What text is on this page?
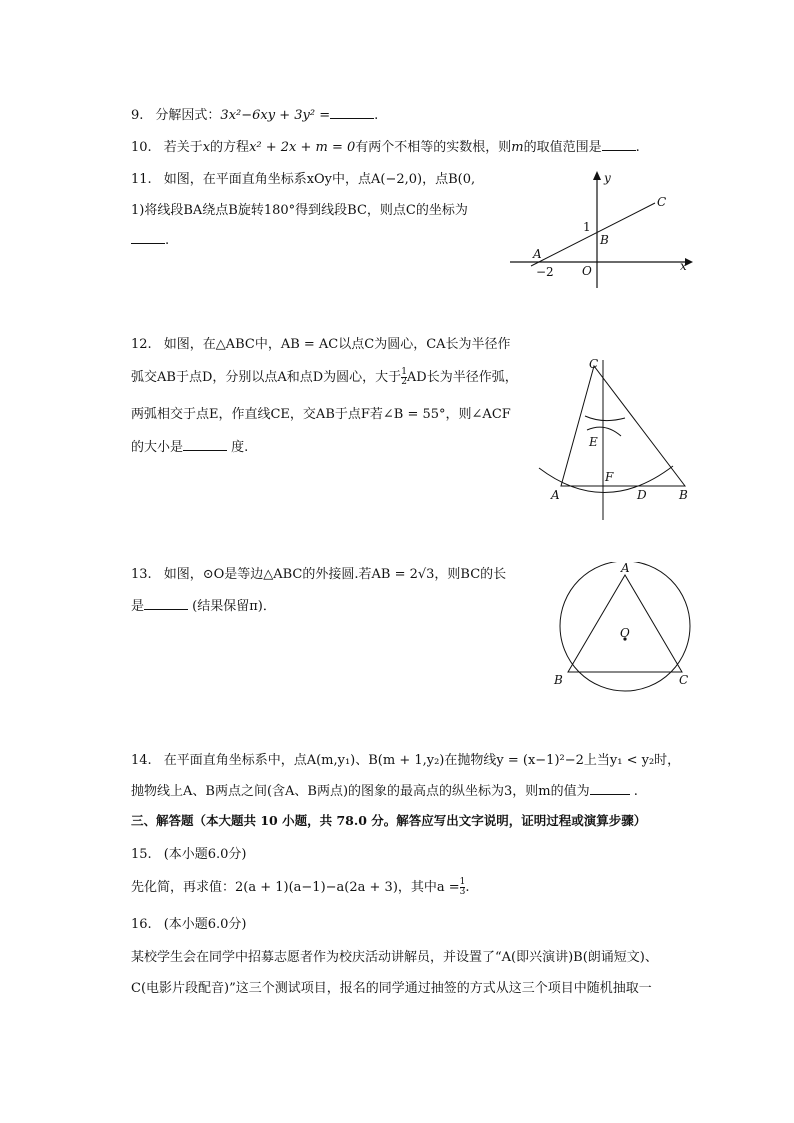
9. 分解因式：3x²−6xy + 3y² =	.
10. 若关于x的方程x² + 2x + m = 0有两个不相等的实数根，则m的取值范围是	.
11. 如图，在平面直角坐标系xOy中，点A(−2,0)，点B(0,
1)将线段BA绕点B旋转180°得到线段BC，则点C的坐标为
.
y
x
C
A
B
1
O
−2
12. 如图，在△ABC中，AB = AC以点C为圆心，CA长为半径作
弧交AB于点D，分别以点A和点D为圆心，大于 $\frac{1}{2}$ AD长为半径作弧，
两弧相交于点E，作直线CE，交AB于点F若∠B = 55°，则∠ACF
的大小是	度.
C
E
F
A	D	B
13. 如图，⊙O是等边△ABC的外接圆.若AB = 2√3，则BC的长
是	(结果保留π)．
A
O
B	C
14. 在平面直角坐标系中，点A(m,y₁)、B(m + 1,y₂)在抛物线y = (x−1)²−2上当y₁ < y₂时，
抛物线上A、B两点之间(含A、B两点)的图象的最高点的纵坐标为3，则m的值为	.
三、解答题（本大题共 10 小题，共 78.0 分。解答应写出文字说明，证明过程或演算步骤）
15. (本小题6.0分)
先化简，再求值：2(a + 1)(a−1)−a(2a + 3)，其中$a = \frac{1}{3}$ .
16. (本小题6.0分)
某校学生会在同学中招募志愿者作为校庆活动讲解员，并设置了“A(即兴演讲)B(朗诵短文)、
C(电影片段配音)”这三个测试项目，报名的同学通过抽签的方式从这三个项目中随机抽取一
